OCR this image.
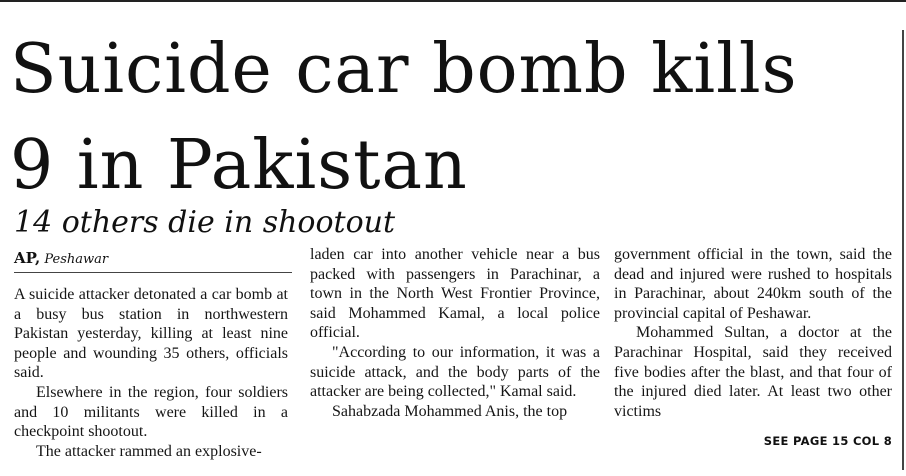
Suicide car bomb kills
9 in Pakistan
14 others die in shootout
AP, Peshawar

A suicide attacker detonated a car bomb at a busy bus station in northwestern Pakistan yesterday, killing at least nine people and wounding 35 others, officials said.

Elsewhere in the region, four soldiers and 10 militants were killed in a checkpoint shootout.

The attacker rammed an explosive-

laden car into another vehicle near a bus packed with passengers in Parachinar, a town in the North West Frontier Province, said Mohammed Kamal, a local police official.

"According to our information, it was a suicide attack, and the body parts of the attacker are being collected," Kamal said.

Sahabzada Mohammed Anis, the top

government official in the town, said the dead and injured were rushed to hospitals in Parachinar, about 240km south of the provincial capital of Peshawar.

Mohammed Sultan, a doctor at the Parachinar Hospital, said they received five bodies after the blast, and that four of the injured died later. At least two other victims

SEE PAGE 15 COL 8
